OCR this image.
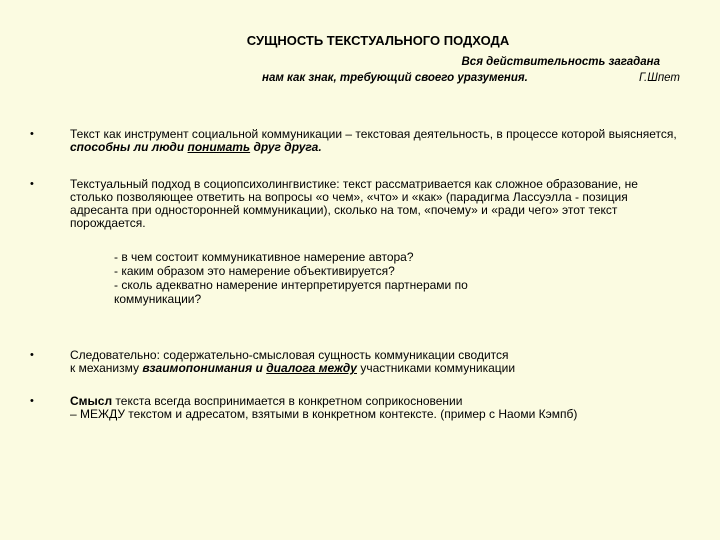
СУЩНОСТЬ ТЕКСТУАЛЬНОГО ПОДХОДА
Вся действительность загадана
нам как знак, требующий своего уразумения.	Г.Шпет
•	Текст как инструмент социальной коммуникации – текстовая деятельность, в процессе которой выясняется, способны ли люди понимать друг друга.
•	Текстуальный подход в социопсихолингвистике: текст рассматривается как сложное образование, не столько позволяющее ответить на вопросы «о чем», «что» и «как» (парадигма Лассуэлла - позиция адресанта при односторонней коммуникации), сколько на том, «почему» и «ради чего» этот текст порождается.
- в чем состоит коммуникативное намерение автора?
- каким образом это намерение объективируется?
- сколь адекватно намерение интерпретируется партнерами по коммуникации?
•	Следовательно: содержательно-смысловая сущность коммуникации сводится
к механизму взаимопонимания и диалога между участниками коммуникации
•	Смысл текста всегда воспринимается в конкретном соприкосновении
– МЕЖДУ текстом и адресатом, взятыми в конкретном контексте. (пример с Наоми Кэмпб)
